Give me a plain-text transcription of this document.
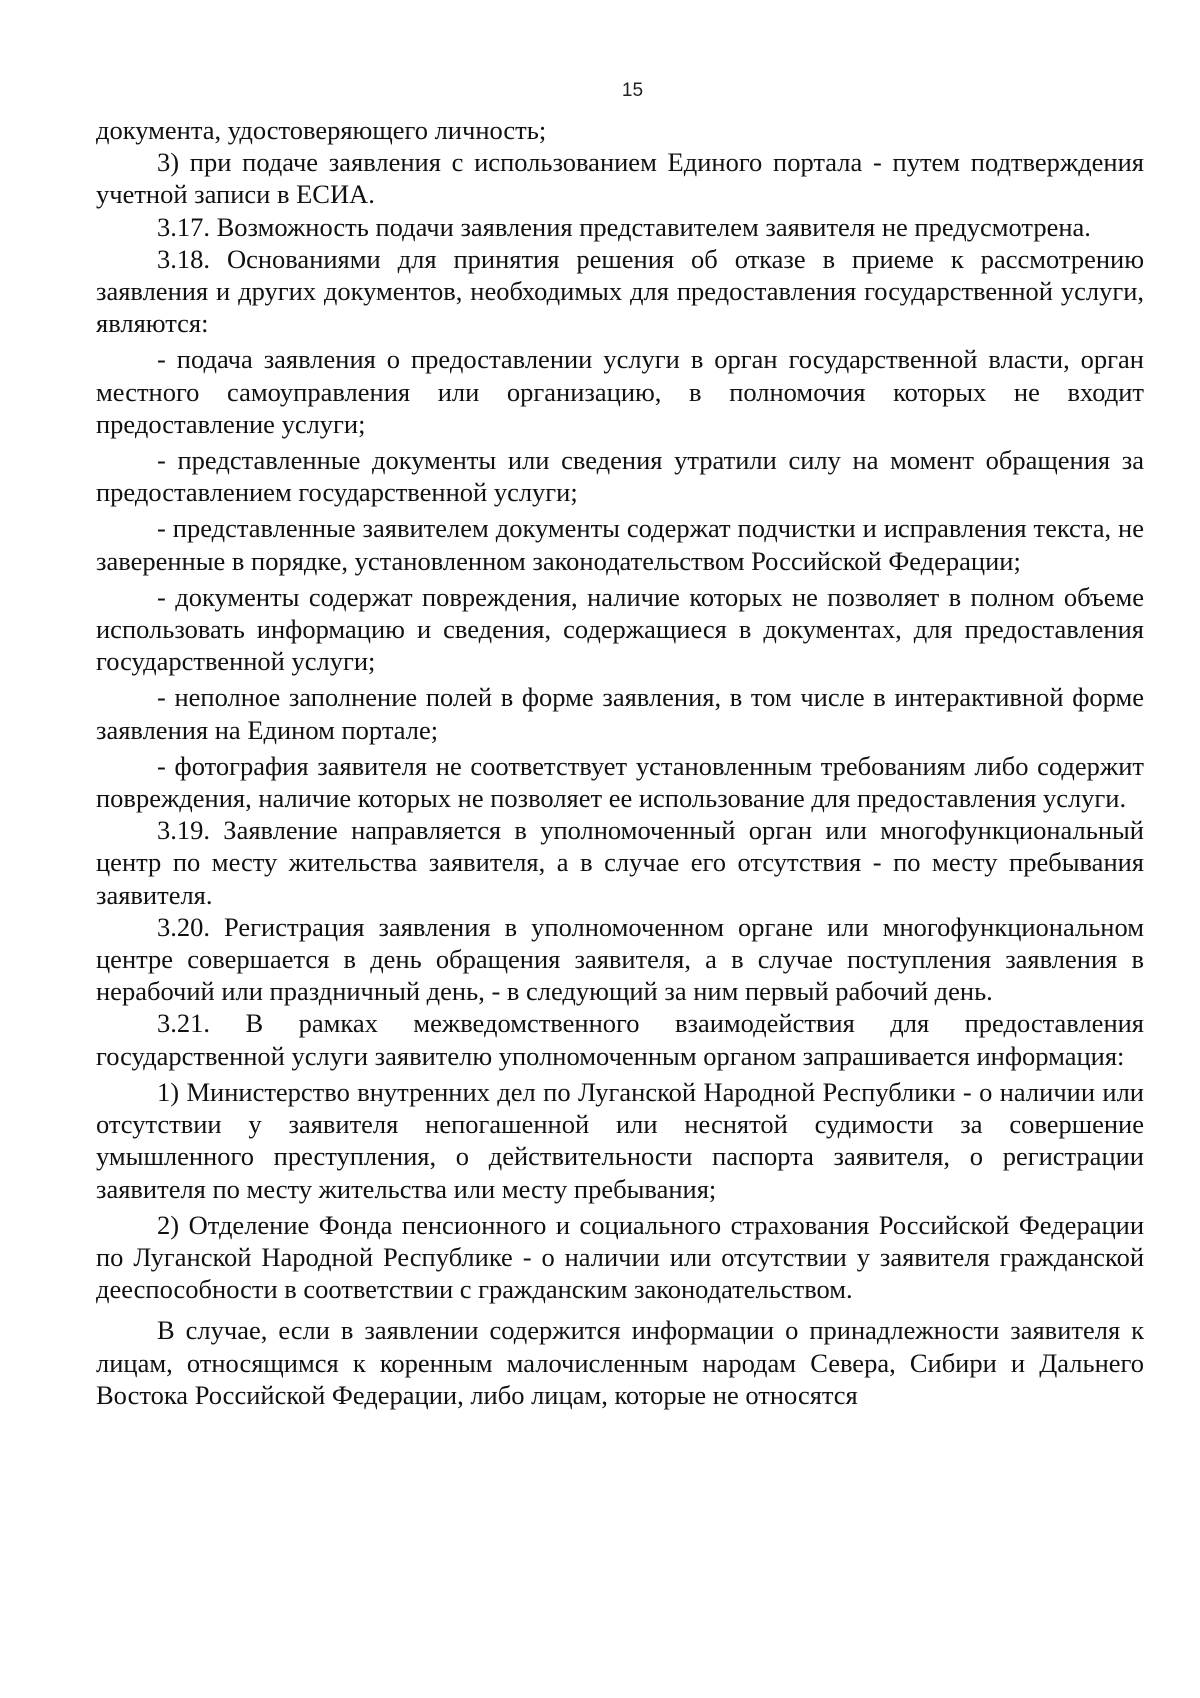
15

документа, удостоверяющего личность;

3) при подаче заявления с использованием Единого портала - путем подтверждения учетной записи в ЕСИА.

3.17. Возможность подачи заявления представителем заявителя не предусмотрена.

3.18. Основаниями для принятия решения об отказе в приеме к рассмотрению заявления и других документов, необходимых для предоставления государственной услуги, являются:

- подача заявления о предоставлении услуги в орган государственной власти, орган местного самоуправления или организацию, в полномочия которых не входит предоставление услуги;

- представленные документы или сведения утратили силу на момент обращения за предоставлением государственной услуги;

- представленные заявителем документы содержат подчистки и исправления текста, не заверенные в порядке, установленном законодательством Российской Федерации;

- документы содержат повреждения, наличие которых не позволяет в полном объеме использовать информацию и сведения, содержащиеся в документах, для предоставления государственной услуги;

- неполное заполнение полей в форме заявления, в том числе в интерактивной форме заявления на Едином портале;

- фотография заявителя не соответствует установленным требованиям либо содержит повреждения, наличие которых не позволяет ее использование для предоставления услуги.

3.19. Заявление направляется в уполномоченный орган или многофункциональный центр по месту жительства заявителя, а в случае его отсутствия - по месту пребывания заявителя.

3.20. Регистрация заявления в уполномоченном органе или многофункциональном центре совершается в день обращения заявителя, а в случае поступления заявления в нерабочий или праздничный день, - в следующий за ним первый рабочий день.

3.21. В рамках межведомственного взаимодействия для предоставления государственной услуги заявителю уполномоченным органом запрашивается информация:

1) Министерство внутренних дел по Луганской Народной Республики - о наличии или отсутствии у заявителя непогашенной или неснятой судимости за совершение умышленного преступления, о действительности паспорта заявителя, о регистрации заявителя по месту жительства или месту пребывания;

2) Отделение Фонда пенсионного и социального страхования Российской Федерации по Луганской Народной Республике - о наличии или отсутствии у заявителя гражданской дееспособности в соответствии с гражданским законодательством.

В случае, если в заявлении содержится информации о принадлежности заявителя к лицам, относящимся к коренным малочисленным народам Севера, Сибири и Дальнего Востока Российской Федерации, либо лицам, которые не относятся
